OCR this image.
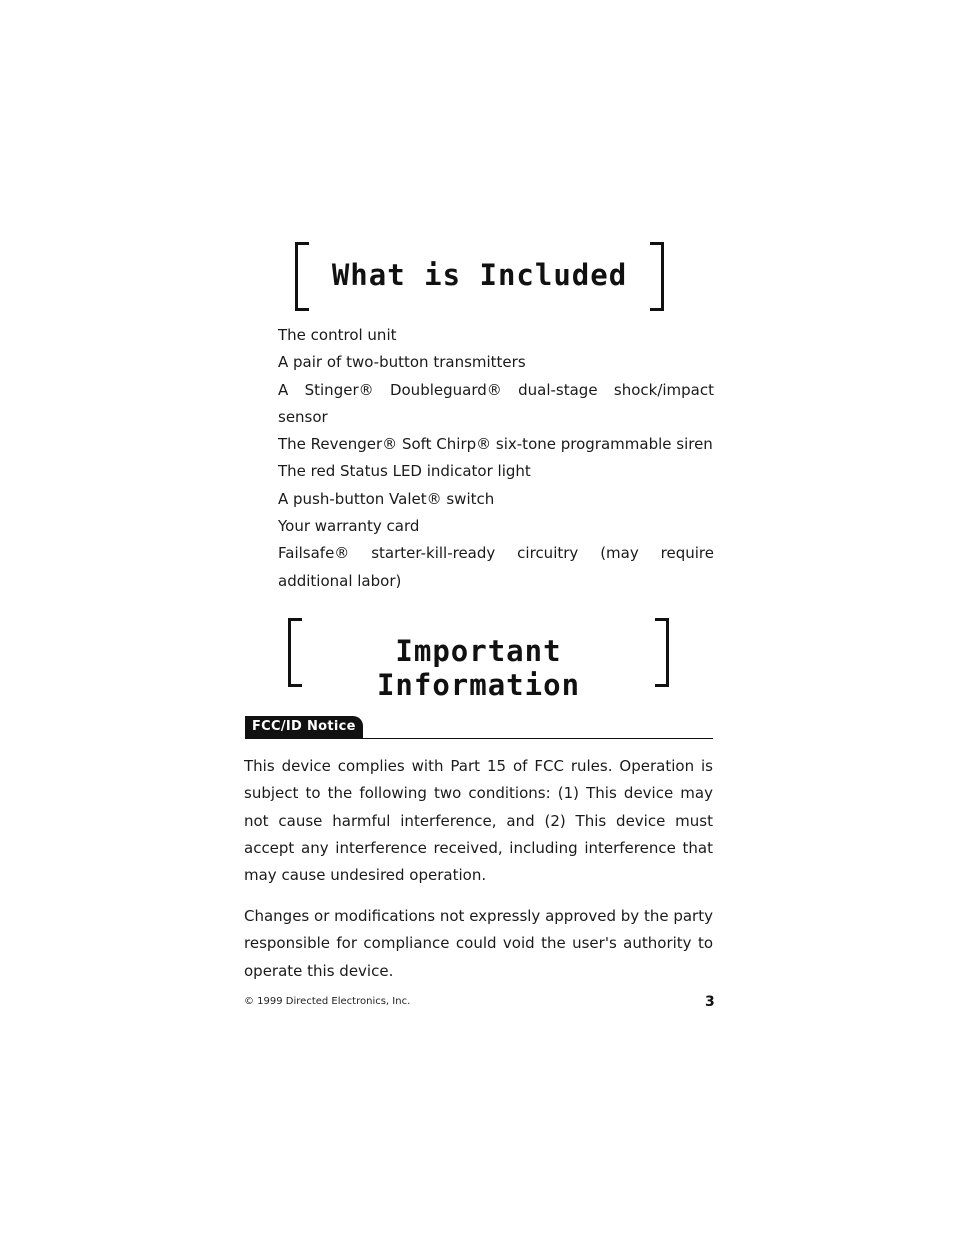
What is Included
The control unit
A pair of two-button transmitters
A Stinger® Doubleguard® dual-stage shock/impact sensor
The Revenger® Soft Chirp® six-tone programmable siren
The red Status LED indicator light
A push-button Valet® switch
Your warranty card
Failsafe® starter-kill-ready circuitry (may require additional labor)
Important Information
FCC/ID Notice

This device complies with Part 15 of FCC rules. Operation is subject to the following two conditions: (1) This device may not cause harmful interference, and (2) This device must accept any interference received, including interference that may cause undesired operation.

Changes or modifications not expressly approved by the party responsible for compliance could void the user's authority to operate this device.

© 1999 Directed Electronics, Inc.	3
